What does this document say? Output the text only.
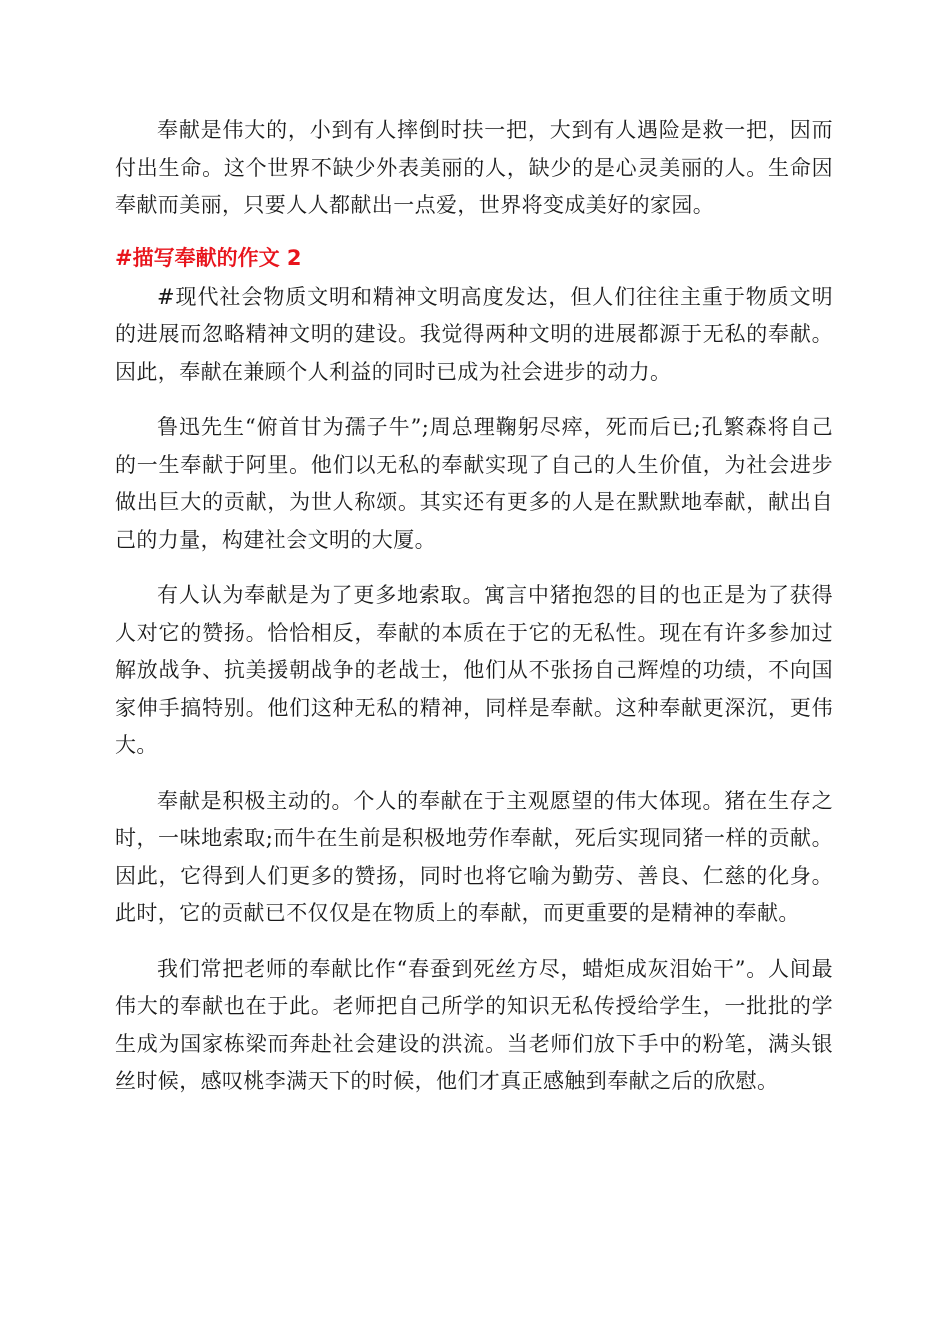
奉献是伟大的，小到有人摔倒时扶一把，大到有人遇险是救一把，因而付出生命。这个世界不缺少外表美丽的人，缺少的是心灵美丽的人。生命因奉献而美丽，只要人人都献出一点爱，世界将变成美好的家园。

#描写奉献的作文 2

#现代社会物质文明和精神文明高度发达，但人们往往主重于物质文明的进展而忽略精神文明的建设。我觉得两种文明的进展都源于无私的奉献。因此，奉献在兼顾个人利益的同时已成为社会进步的动力。

鲁迅先生“俯首甘为孺子牛”;周总理鞠躬尽瘁，死而后已;孔繁森将自己的一生奉献于阿里。他们以无私的奉献实现了自己的人生价值，为社会进步做出巨大的贡献，为世人称颂。其实还有更多的人是在默默地奉献，献出自己的力量，构建社会文明的大厦。

有人认为奉献是为了更多地索取。寓言中猪抱怨的目的也正是为了获得人对它的赞扬。恰恰相反，奉献的本质在于它的无私性。现在有许多参加过解放战争、抗美援朝战争的老战士，他们从不张扬自己辉煌的功绩，不向国家伸手搞特别。他们这种无私的精神，同样是奉献。这种奉献更深沉，更伟大。

奉献是积极主动的。个人的奉献在于主观愿望的伟大体现。猪在生存之时，一味地索取;而牛在生前是积极地劳作奉献，死后实现同猪一样的贡献。因此，它得到人们更多的赞扬，同时也将它喻为勤劳、善良、仁慈的化身。此时，它的贡献已不仅仅是在物质上的奉献，而更重要的是精神的奉献。

我们常把老师的奉献比作“春蚕到死丝方尽，蜡炬成灰泪始干”。人间最伟大的奉献也在于此。老师把自己所学的知识无私传授给学生，一批批的学生成为国家栋梁而奔赴社会建设的洪流。当老师们放下手中的粉笔，满头银丝时候，感叹桃李满天下的时候，他们才真正感触到奉献之后的欣慰。
